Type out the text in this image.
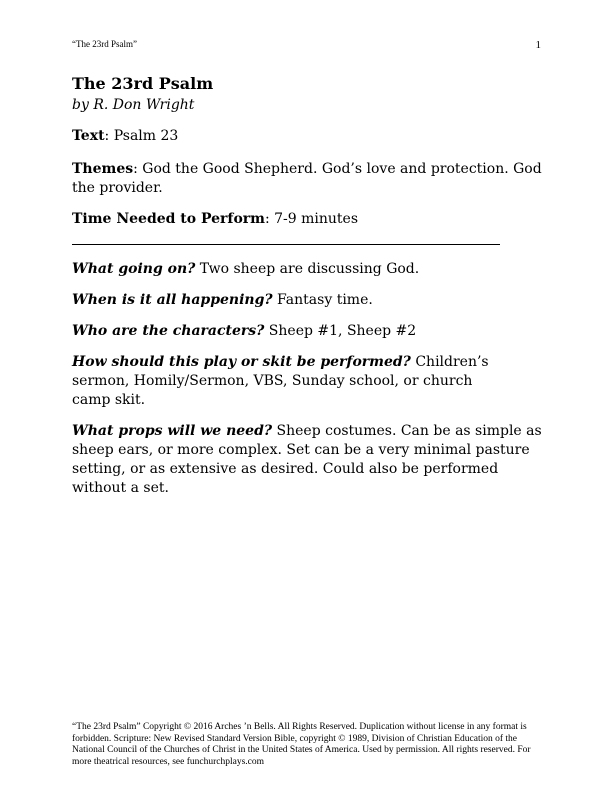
“The 23rd Psalm”	1
The 23rd Psalm

by R. Don Wright

Text: Psalm 23

Themes: God the Good Shepherd. God’s love and protection. God the provider.

Time Needed to Perform: 7-9 minutes

What going on? Two sheep are discussing God.

When is it all happening? Fantasy time.

Who are the characters? Sheep #1, Sheep #2

How should this play or skit be performed? Children’s sermon, Homily/Sermon, VBS, Sunday school, or church camp skit.

What props will we need? Sheep costumes. Can be as simple as sheep ears, or more complex. Set can be a very minimal pasture setting, or as extensive as desired. Could also be performed without a set.

“The 23rd Psalm” Copyright © 2016 Arches ’n Bells. All Rights Reserved. Duplication without license in any format is forbidden. Scripture: New Revised Standard Version Bible, copyright © 1989, Division of Christian Education of the National Council of the Churches of Christ in the United States of America. Used by permission. All rights reserved. For more theatrical resources, see funchurchplays.com
